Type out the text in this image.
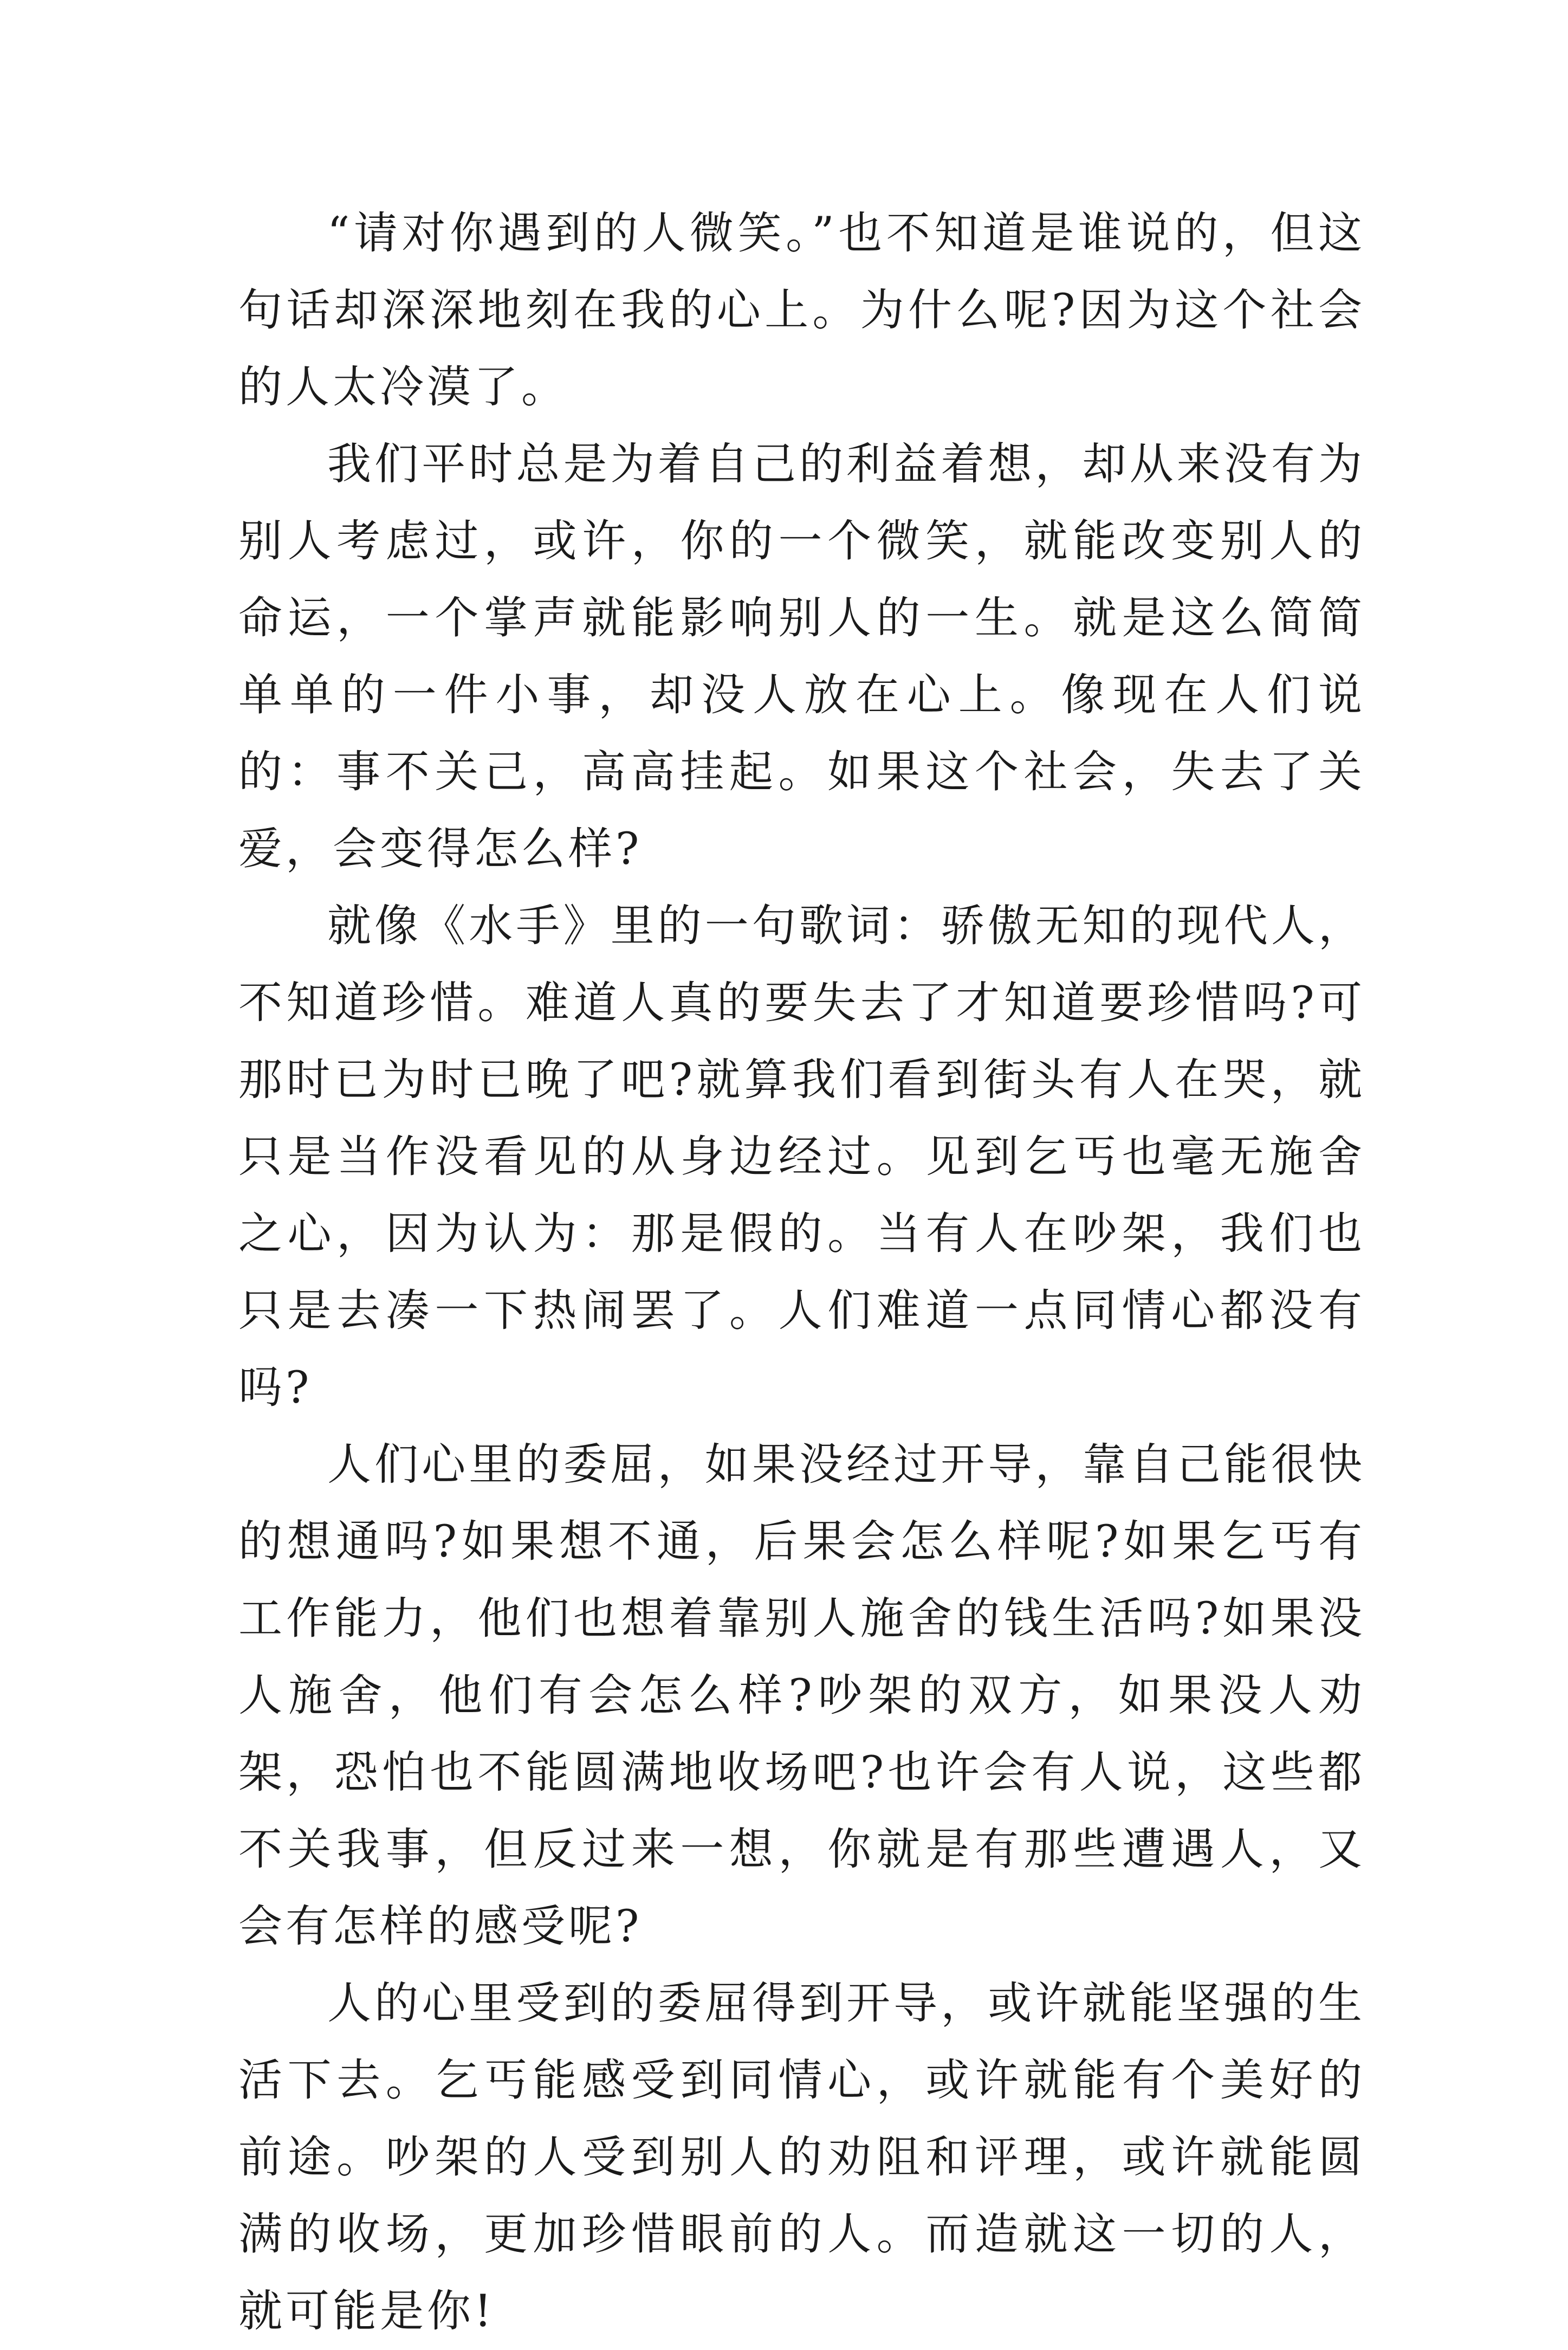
“请对你遇到的人微笑。”也不知道是谁说的，但这句话却深深地刻在我的心上。为什么呢?因为这个社会的人太冷漠了。

我们平时总是为着自己的利益着想，却从来没有为别人考虑过，或许，你的一个微笑，就能改变别人的命运，一个掌声就能影响别人的一生。就是这么简简单单的一件小事，却没人放在心上。像现在人们说的：事不关己，高高挂起。如果这个社会，失去了关爱，会变得怎么样?

就像《水手》里的一句歌词：骄傲无知的现代人，不知道珍惜。难道人真的要失去了才知道要珍惜吗?可那时已为时已晚了吧?就算我们看到街头有人在哭，就只是当作没看见的从身边经过。见到乞丐也毫无施舍之心，因为认为：那是假的。当有人在吵架，我们也只是去凑一下热闹罢了。人们难道一点同情心都没有吗?

人们心里的委屈，如果没经过开导，靠自己能很快的想通吗?如果想不通，后果会怎么样呢?如果乞丐有工作能力，他们也想着靠别人施舍的钱生活吗?如果没人施舍，他们有会怎么样?吵架的双方，如果没人劝架，恐怕也不能圆满地收场吧?也许会有人说，这些都不关我事，但反过来一想，你就是有那些遭遇人，又会有怎样的感受呢?

人的心里受到的委屈得到开导，或许就能坚强的生活下去。乞丐能感受到同情心，或许就能有个美好的前途。吵架的人受到别人的劝阻和评理，或许就能圆满的收场，更加珍惜眼前的人。而造就这一切的人，就可能是你!
